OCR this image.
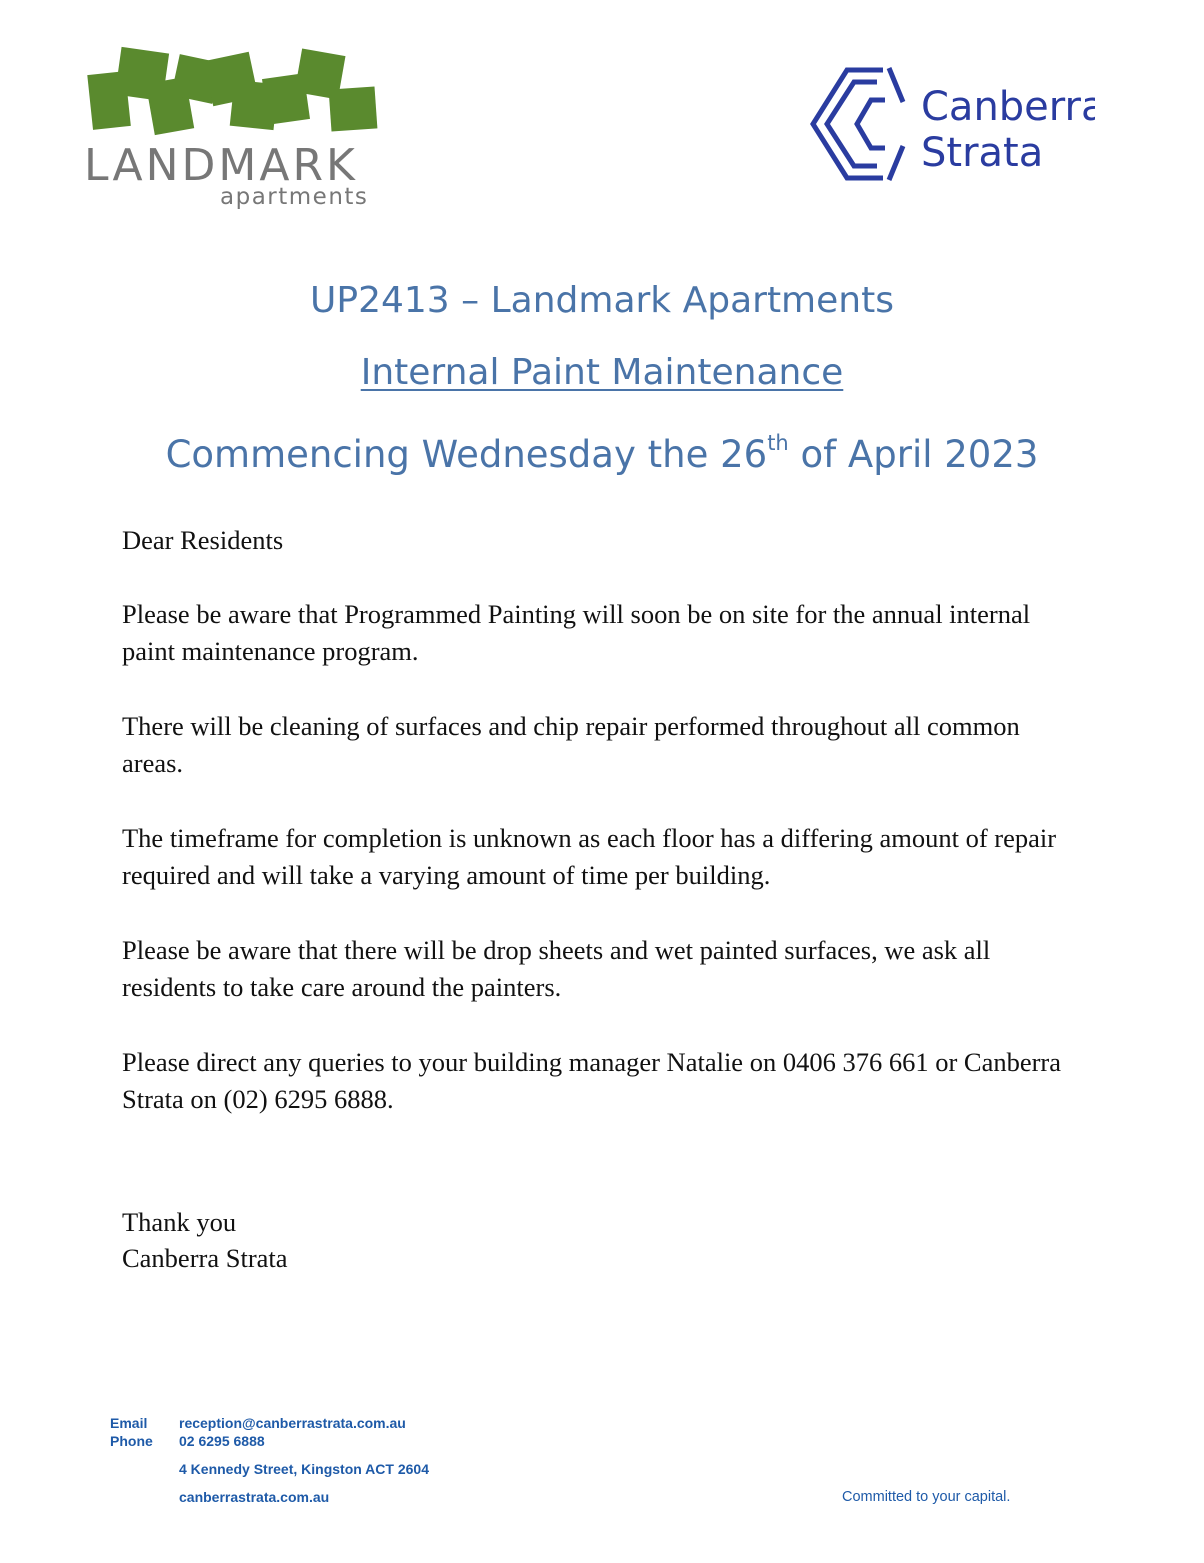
LANDMARK
apartments
Canberra
Strata
UP2413 – Landmark Apartments
Internal Paint Maintenance
Commencing Wednesday the 26th of April 2023

Dear Residents

Please be aware that Programmed Painting will soon be on site for the annual internal paint maintenance program.

There will be cleaning of surfaces and chip repair performed throughout all common areas.

The timeframe for completion is unknown as each floor has a differing amount of repair required and will take a varying amount of time per building.

Please be aware that there will be drop sheets and wet painted surfaces, we ask all residents to take care around the painters.

Please direct any queries to your building manager Natalie on 0406 376 661 or Canberra Strata on (02) 6295 6888.

Thank you

Canberra Strata

Email reception@canberrastrata.com.au
Phone 02 6295 6888
4 Kennedy Street, Kingston ACT 2604
canberrastrata.com.au	Committed to your capital.
